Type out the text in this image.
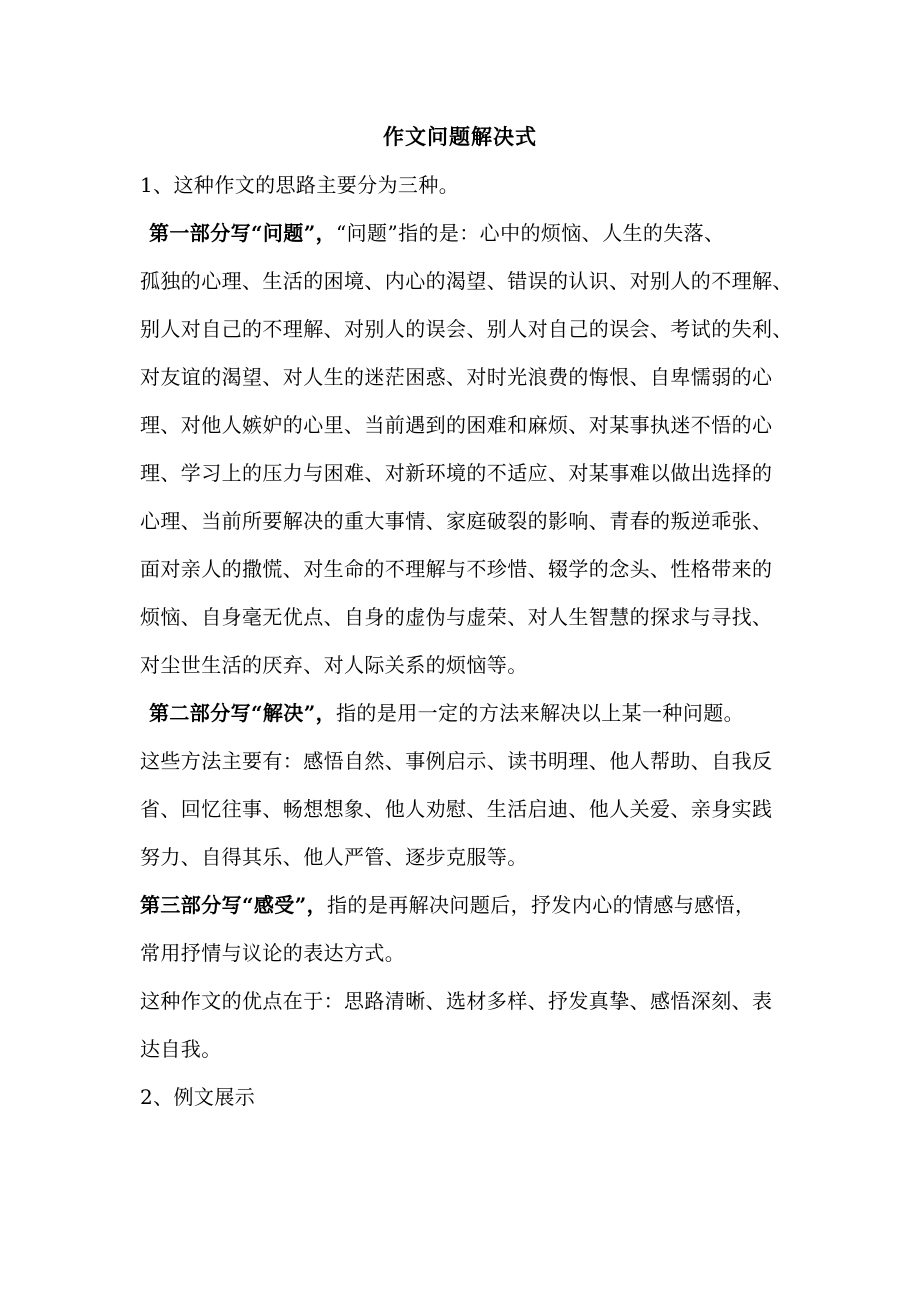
作文问题解决式
1、这种作文的思路主要分为三种。
第一部分写“问题”，“问题”指的是：心中的烦恼、人生的失落、
孤独的心理、生活的困境、内心的渴望、错误的认识、对别人的不理解、
别人对自己的不理解、对别人的误会、别人对自己的误会、考试的失利、
对友谊的渴望、对人生的迷茫困惑、对时光浪费的悔恨、自卑懦弱的心
理、对他人嫉妒的心里、当前遇到的困难和麻烦、对某事执迷不悟的心
理、学习上的压力与困难、对新环境的不适应、对某事难以做出选择的
心理、当前所要解决的重大事情、家庭破裂的影响、青春的叛逆乖张、
面对亲人的撒慌、对生命的不理解与不珍惜、辍学的念头、性格带来的
烦恼、自身毫无优点、自身的虚伪与虚荣、对人生智慧的探求与寻找、
对尘世生活的厌弃、对人际关系的烦恼等。
第二部分写“解决”，指的是用一定的方法来解决以上某一种问题。
这些方法主要有：感悟自然、事例启示、读书明理、他人帮助、自我反
省、回忆往事、畅想想象、他人劝慰、生活启迪、他人关爱、亲身实践
努力、自得其乐、他人严管、逐步克服等。
第三部分写“感受”，指的是再解决问题后，抒发内心的情感与感悟，
常用抒情与议论的表达方式。
这种作文的优点在于：思路清晰、选材多样、抒发真挚、感悟深刻、表
达自我。
2、例文展示
